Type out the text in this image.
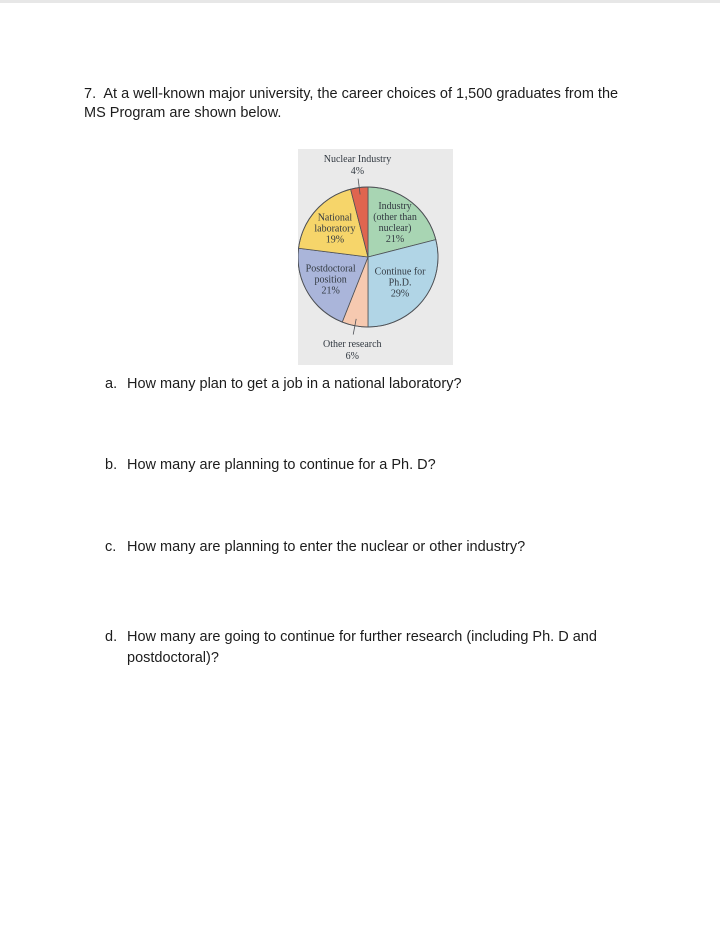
7.  At a well-known major university, the career choices of 1,500 graduates from the
MS Program are shown below.
Industry
(other than
nuclear)
21%
Continue for
Ph.D.
29%
Other research
6%
Postdoctoral
position
21%
National
laboratory
19%
Nuclear Industry
4%
a. How many plan to get a job in a national laboratory?
b. How many are planning to continue for a Ph. D?
c. How many are planning to enter the nuclear or other industry?
d. How many are going to continue for further research (including Ph. D and
postdoctoral)?
